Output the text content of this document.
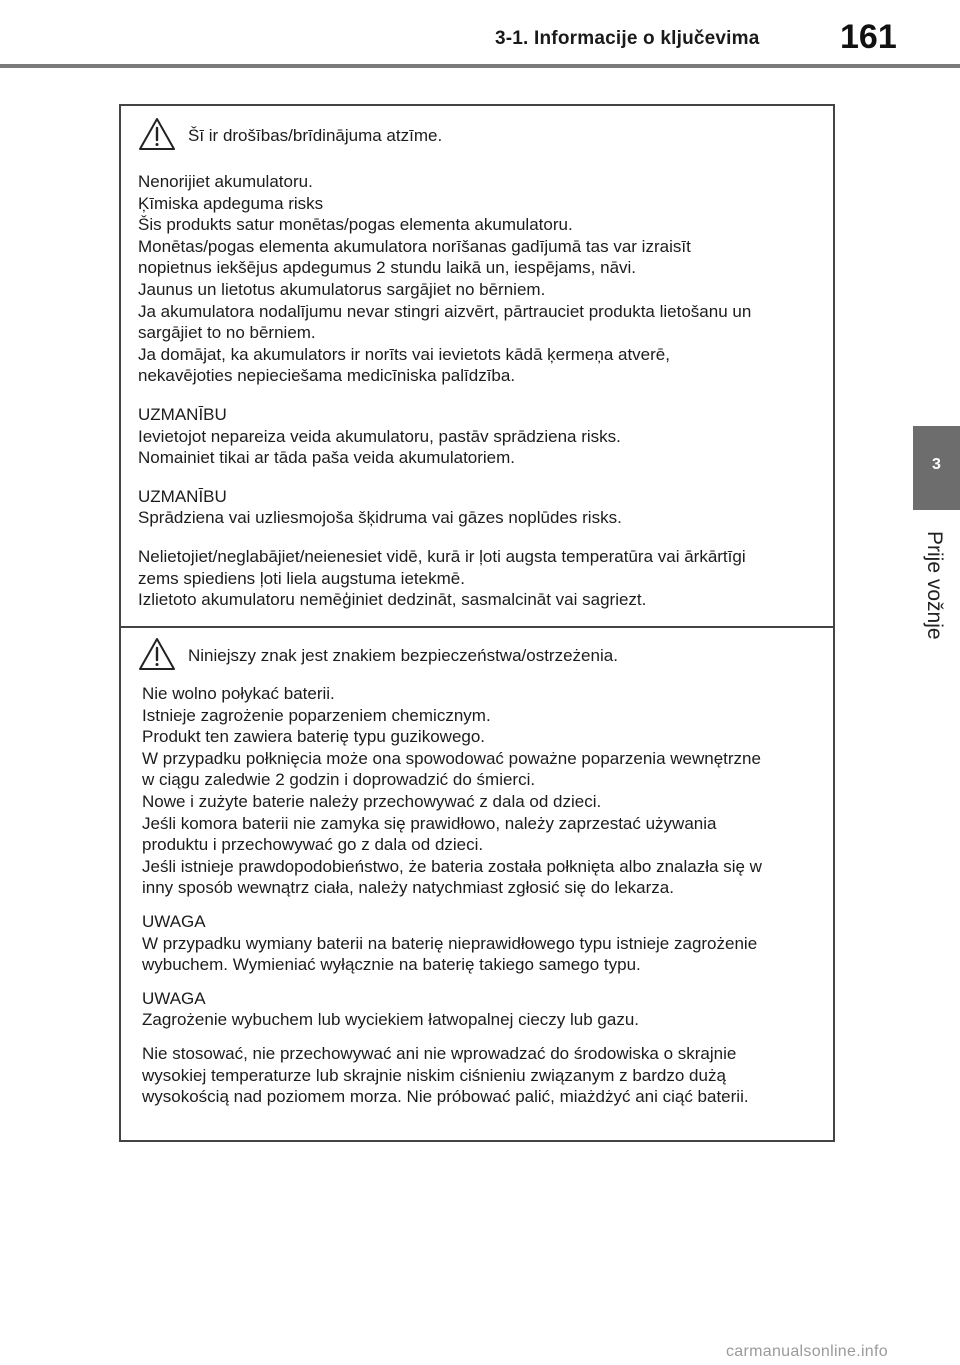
3-1. Informacije o ključevima 161
3
Prije vožnje
Šī ir drošības/brīdinājuma atzīme.

Nenorijiet akumulatoru.
Ķīmiska apdeguma risks
Šis produkts satur monētas/pogas elementa akumulatoru.
Monētas/pogas elementa akumulatora norīšanas gadījumā tas var izraisīt
nopietnus iekšējus apdegumus 2 stundu laikā un, iespējams, nāvi.
Jaunus un lietotus akumulatorus sargājiet no bērniem.
Ja akumulatora nodalījumu nevar stingri aizvērt, pārtrauciet produkta lietošanu un
sargājiet to no bērniem.
Ja domājat, ka akumulators ir norīts vai ievietots kādā ķermeņa atverē,
nekavējoties nepieciešama medicīniska palīdzība.

UZMANĪBU
Ievietojot nepareiza veida akumulatoru, pastāv sprādziena risks.
Nomainiet tikai ar tāda paša veida akumulatoriem.

UZMANĪBU
Sprādziena vai uzliesmojoša šķidruma vai gāzes noplūdes risks.

Nelietojiet/neglabājiet/neienesiet vidē, kurā ir ļoti augsta temperatūra vai ārkārtīgi
zems spiediens ļoti liela augstuma ietekmē.
Izlietoto akumulatoru nemēģiniet dedzināt, sasmalcināt vai sagriezt.

Niniejszy znak jest znakiem bezpieczeństwa/ostrzeżenia.

Nie wolno połykać baterii.
Istnieje zagrożenie poparzeniem chemicznym.
Produkt ten zawiera baterię typu guzikowego.
W przypadku połknięcia może ona spowodować poważne poparzenia wewnętrzne
w ciągu zaledwie 2 godzin i doprowadzić do śmierci.
Nowe i zużyte baterie należy przechowywać z dala od dzieci.
Jeśli komora baterii nie zamyka się prawidłowo, należy zaprzestać używania
produktu i przechowywać go z dala od dzieci.
Jeśli istnieje prawdopodobieństwo, że bateria została połknięta albo znalazła się w
inny sposób wewnątrz ciała, należy natychmiast zgłosić się do lekarza.

UWAGA
W przypadku wymiany baterii na baterię nieprawidłowego typu istnieje zagrożenie
wybuchem. Wymieniać wyłącznie na baterię takiego samego typu.

UWAGA
Zagrożenie wybuchem lub wyciekiem łatwopalnej cieczy lub gazu.

Nie stosować, nie przechowywać ani nie wprowadzać do środowiska o skrajnie
wysokiej temperaturze lub skrajnie niskim ciśnieniu związanym z bardzo dużą
wysokością nad poziomem morza. Nie próbować palić, miażdżyć ani ciąć baterii.

carmanualsonline.info
